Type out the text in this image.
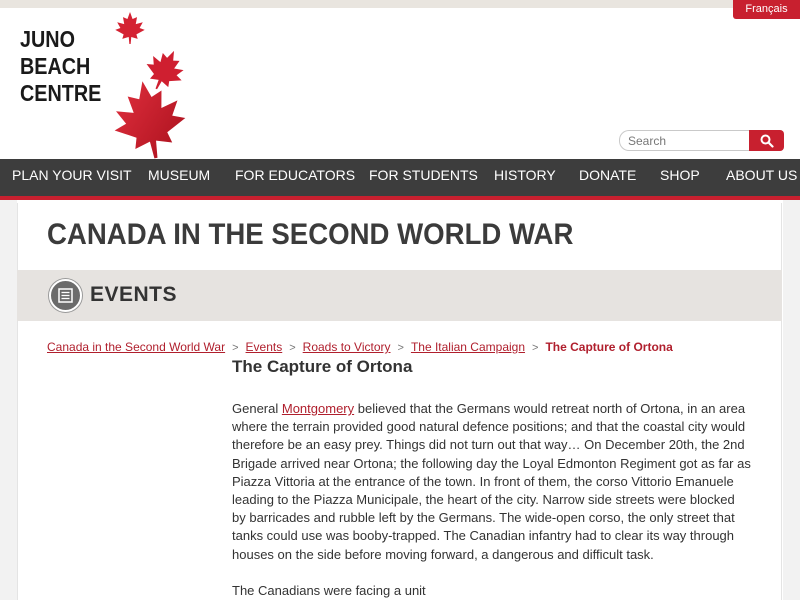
Français
JUNO
BEACH
CENTRE
Search
PLAN YOUR VISIT MUSEUM FOR EDUCATORS FOR STUDENTS HISTORY DONATE SHOP ABOUT US
CANADA IN THE SECOND WORLD WAR
EVENTS
Canada in the Second World War > Events > Roads to Victory > The Italian Campaign > The Capture of Ortona
The Capture of Ortona

General Montgomery believed that the Germans would retreat north of Ortona, in an area where the terrain provided good natural defence positions; and that the coastal city would therefore be an easy prey. Things did not turn out that way… On December 20th, the 2nd Brigade arrived near Ortona; the following day the Loyal Edmonton Regiment got as far as Piazza Vittoria at the entrance of the town. In front of them, the corso Vittorio Emanuele leading to the Piazza Municipale, the heart of the city. Narrow side streets were blocked by barricades and rubble left by the Germans. The wide-open corso, the only street that tanks could use was booby-trapped. The Canadian infantry had to clear its way through houses on the side before moving forward, a dangerous and difficult task.

The Canadians were facing a unit
